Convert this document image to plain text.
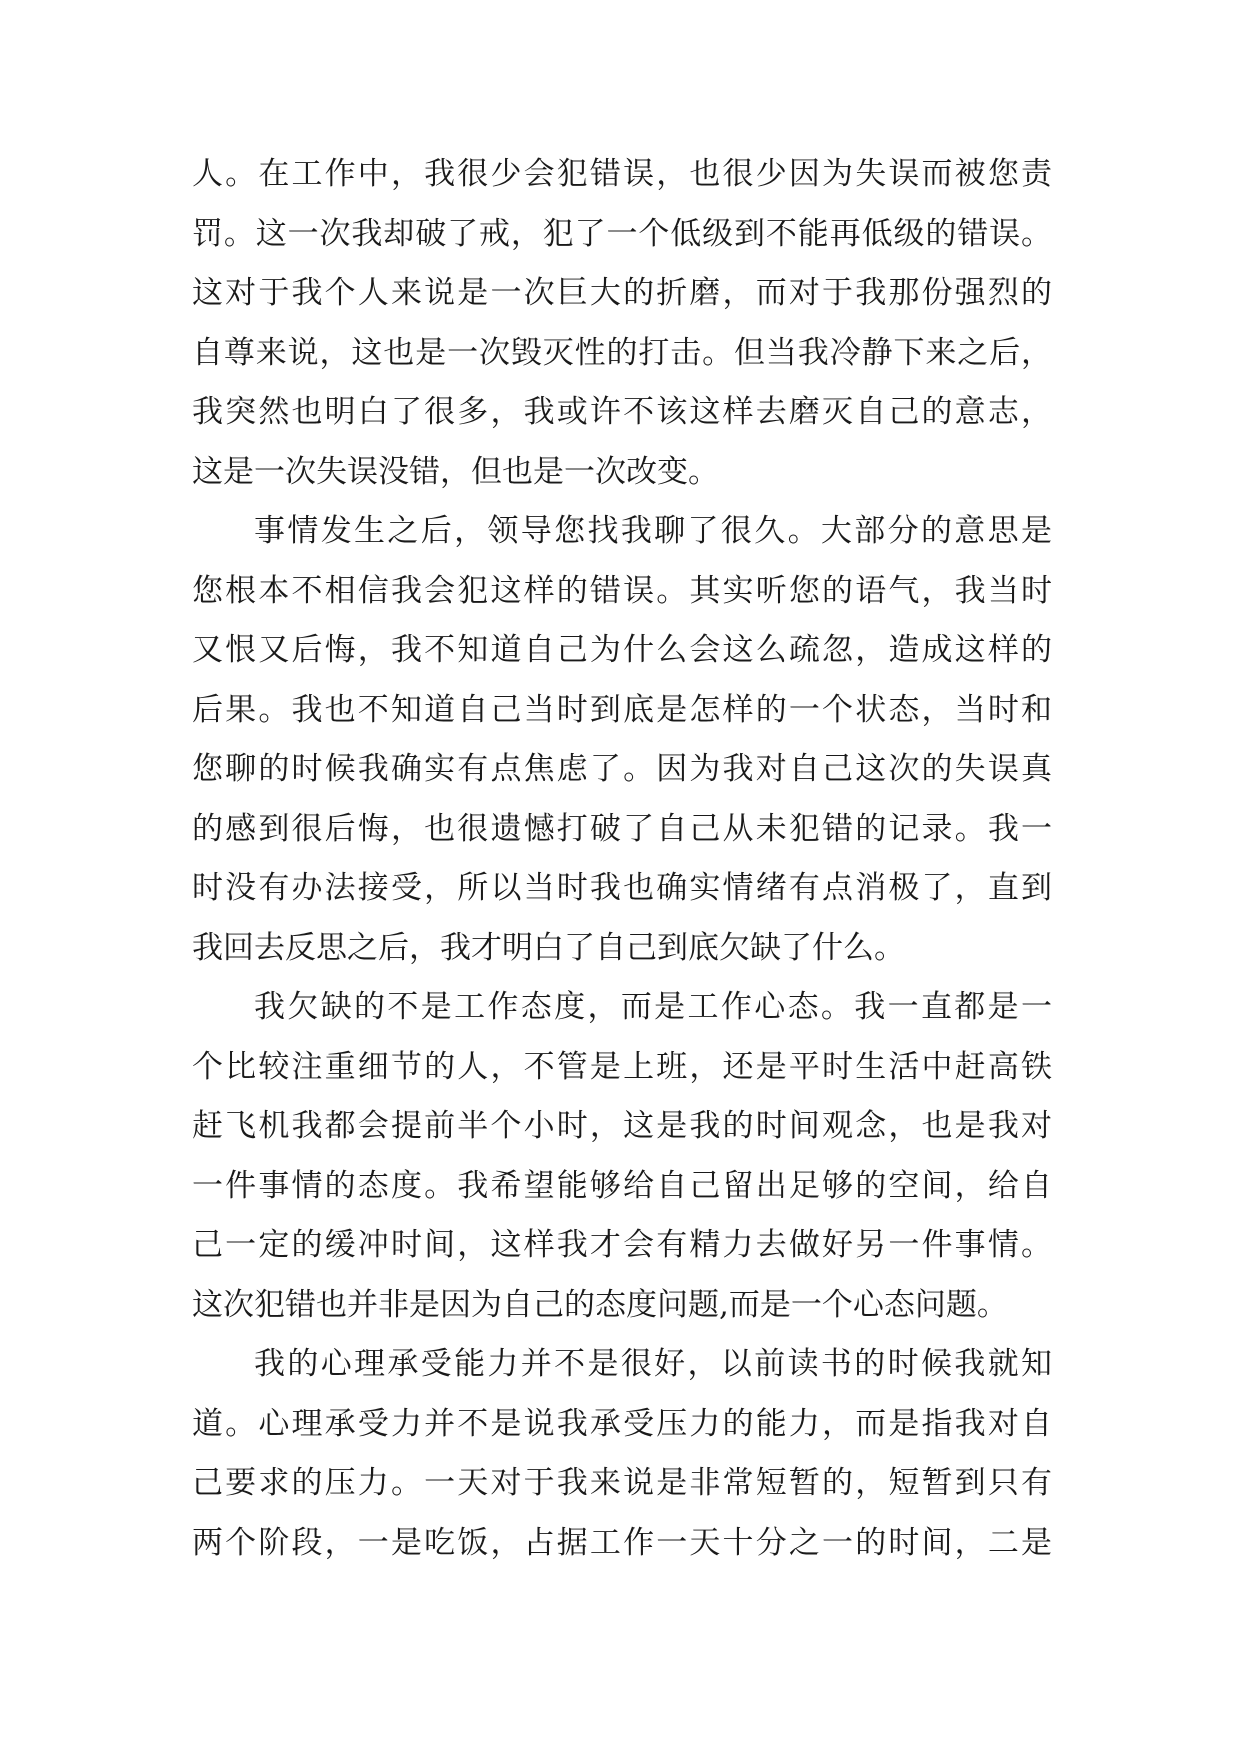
人。在工作中，我很少会犯错误，也很少因为失误而被您责
罚。这一次我却破了戒，犯了一个低级到不能再低级的错误。
这对于我个人来说是一次巨大的折磨，而对于我那份强烈的
自尊来说，这也是一次毁灭性的打击。但当我冷静下来之后，
我突然也明白了很多，我或许不该这样去磨灭自己的意志，
这是一次失误没错，但也是一次改变。
事情发生之后，领导您找我聊了很久。大部分的意思是
您根本不相信我会犯这样的错误。其实听您的语气，我当时
又恨又后悔，我不知道自己为什么会这么疏忽，造成这样的
后果。我也不知道自己当时到底是怎样的一个状态，当时和
您聊的时候我确实有点焦虑了。因为我对自己这次的失误真
的感到很后悔，也很遗憾打破了自己从未犯错的记录。我一
时没有办法接受，所以当时我也确实情绪有点消极了，直到
我回去反思之后，我才明白了自己到底欠缺了什么。
我欠缺的不是工作态度，而是工作心态。我一直都是一
个比较注重细节的人，不管是上班，还是平时生活中赶高铁
赶飞机我都会提前半个小时，这是我的时间观念，也是我对
一件事情的态度。我希望能够给自己留出足够的空间，给自
己一定的缓冲时间，这样我才会有精力去做好另一件事情。
这次犯错也并非是因为自己的态度问题,而是一个心态问题。
我的心理承受能力并不是很好，以前读书的时候我就知
道。心理承受力并不是说我承受压力的能力，而是指我对自
己要求的压力。一天对于我来说是非常短暂的，短暂到只有
两个阶段，一是吃饭，占据工作一天十分之一的时间，二是
